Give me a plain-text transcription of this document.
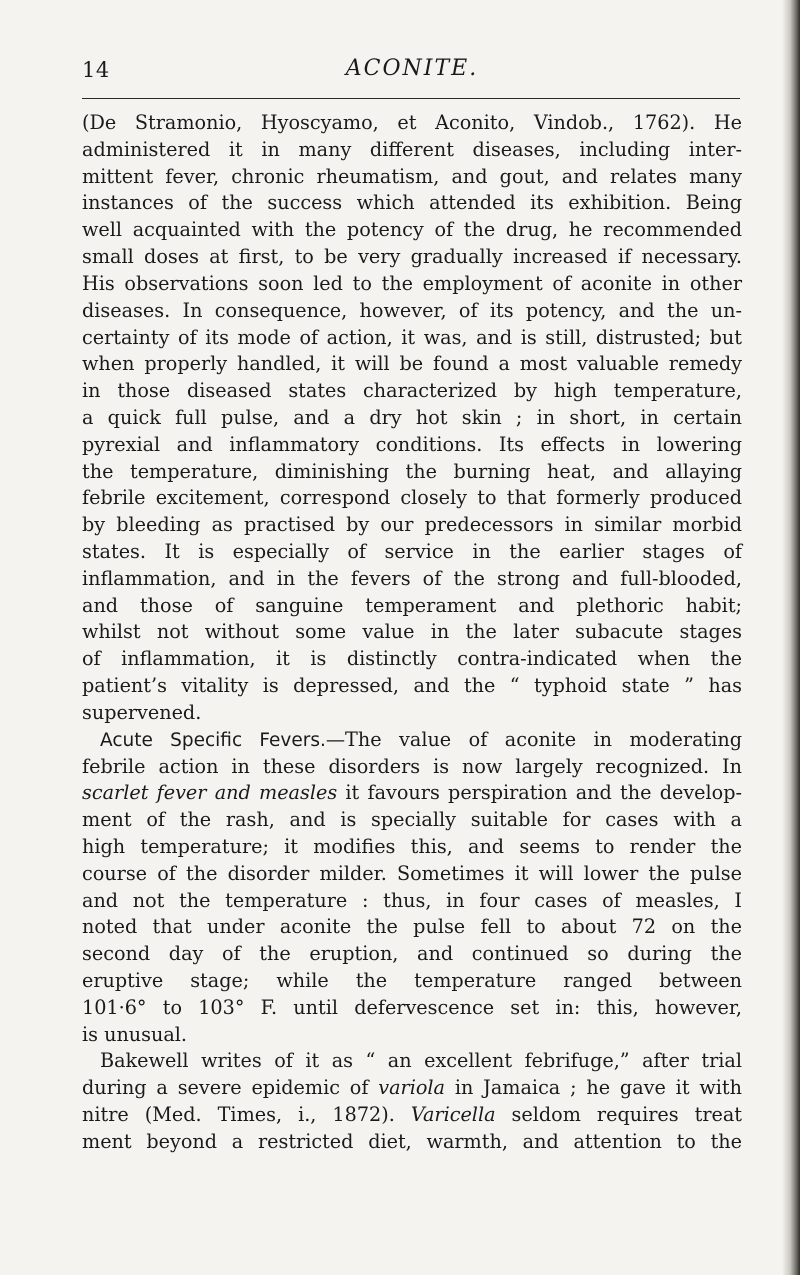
14	ACONITE.
(De Stramonio, Hyoscyamo, et Aconito, Vindob., 1762). He
administered it in many different diseases, including inter-
mittent fever, chronic rheumatism, and gout, and relates many
instances of the success which attended its exhibition. Being
well acquainted with the potency of the drug, he recommended
small doses at first, to be very gradually increased if necessary.
His observations soon led to the employment of aconite in other
diseases. In consequence, however, of its potency, and the un-
certainty of its mode of action, it was, and is still, distrusted; but
when properly handled, it will be found a most valuable remedy
in those diseased states characterized by high temperature,
a quick full pulse, and a dry hot skin ; in short, in certain
pyrexial and inflammatory conditions. Its effects in lowering
the temperature, diminishing the burning heat, and allaying
febrile excitement, correspond closely to that formerly produced
by bleeding as practised by our predecessors in similar morbid
states. It is especially of service in the earlier stages of
inflammation, and in the fevers of the strong and full-blooded,
and those of sanguine temperament and plethoric habit;
whilst not without some value in the later subacute stages
of inflammation, it is distinctly contra-indicated when the
patient’s vitality is depressed, and the “ typhoid state ” has
supervened.
Acute Specific Fevers.—The value of aconite in moderating
febrile action in these disorders is now largely recognized. In
scarlet fever and measles it favours perspiration and the develop-
ment of the rash, and is specially suitable for cases with a
high temperature; it modifies this, and seems to render the
course of the disorder milder. Sometimes it will lower the pulse
and not the temperature : thus, in four cases of measles, I
noted that under aconite the pulse fell to about 72 on the
second day of the eruption, and continued so during the
eruptive stage; while the temperature ranged between
101·6° to 103° F. until defervescence set in: this, however,
is unusual.
Bakewell writes of it as “ an excellent febrifuge,” after trial
during a severe epidemic of variola in Jamaica ; he gave it with
nitre (Med. Times, i., 1872). Varicella seldom requires treat
ment beyond a restricted diet, warmth, and attention to the
